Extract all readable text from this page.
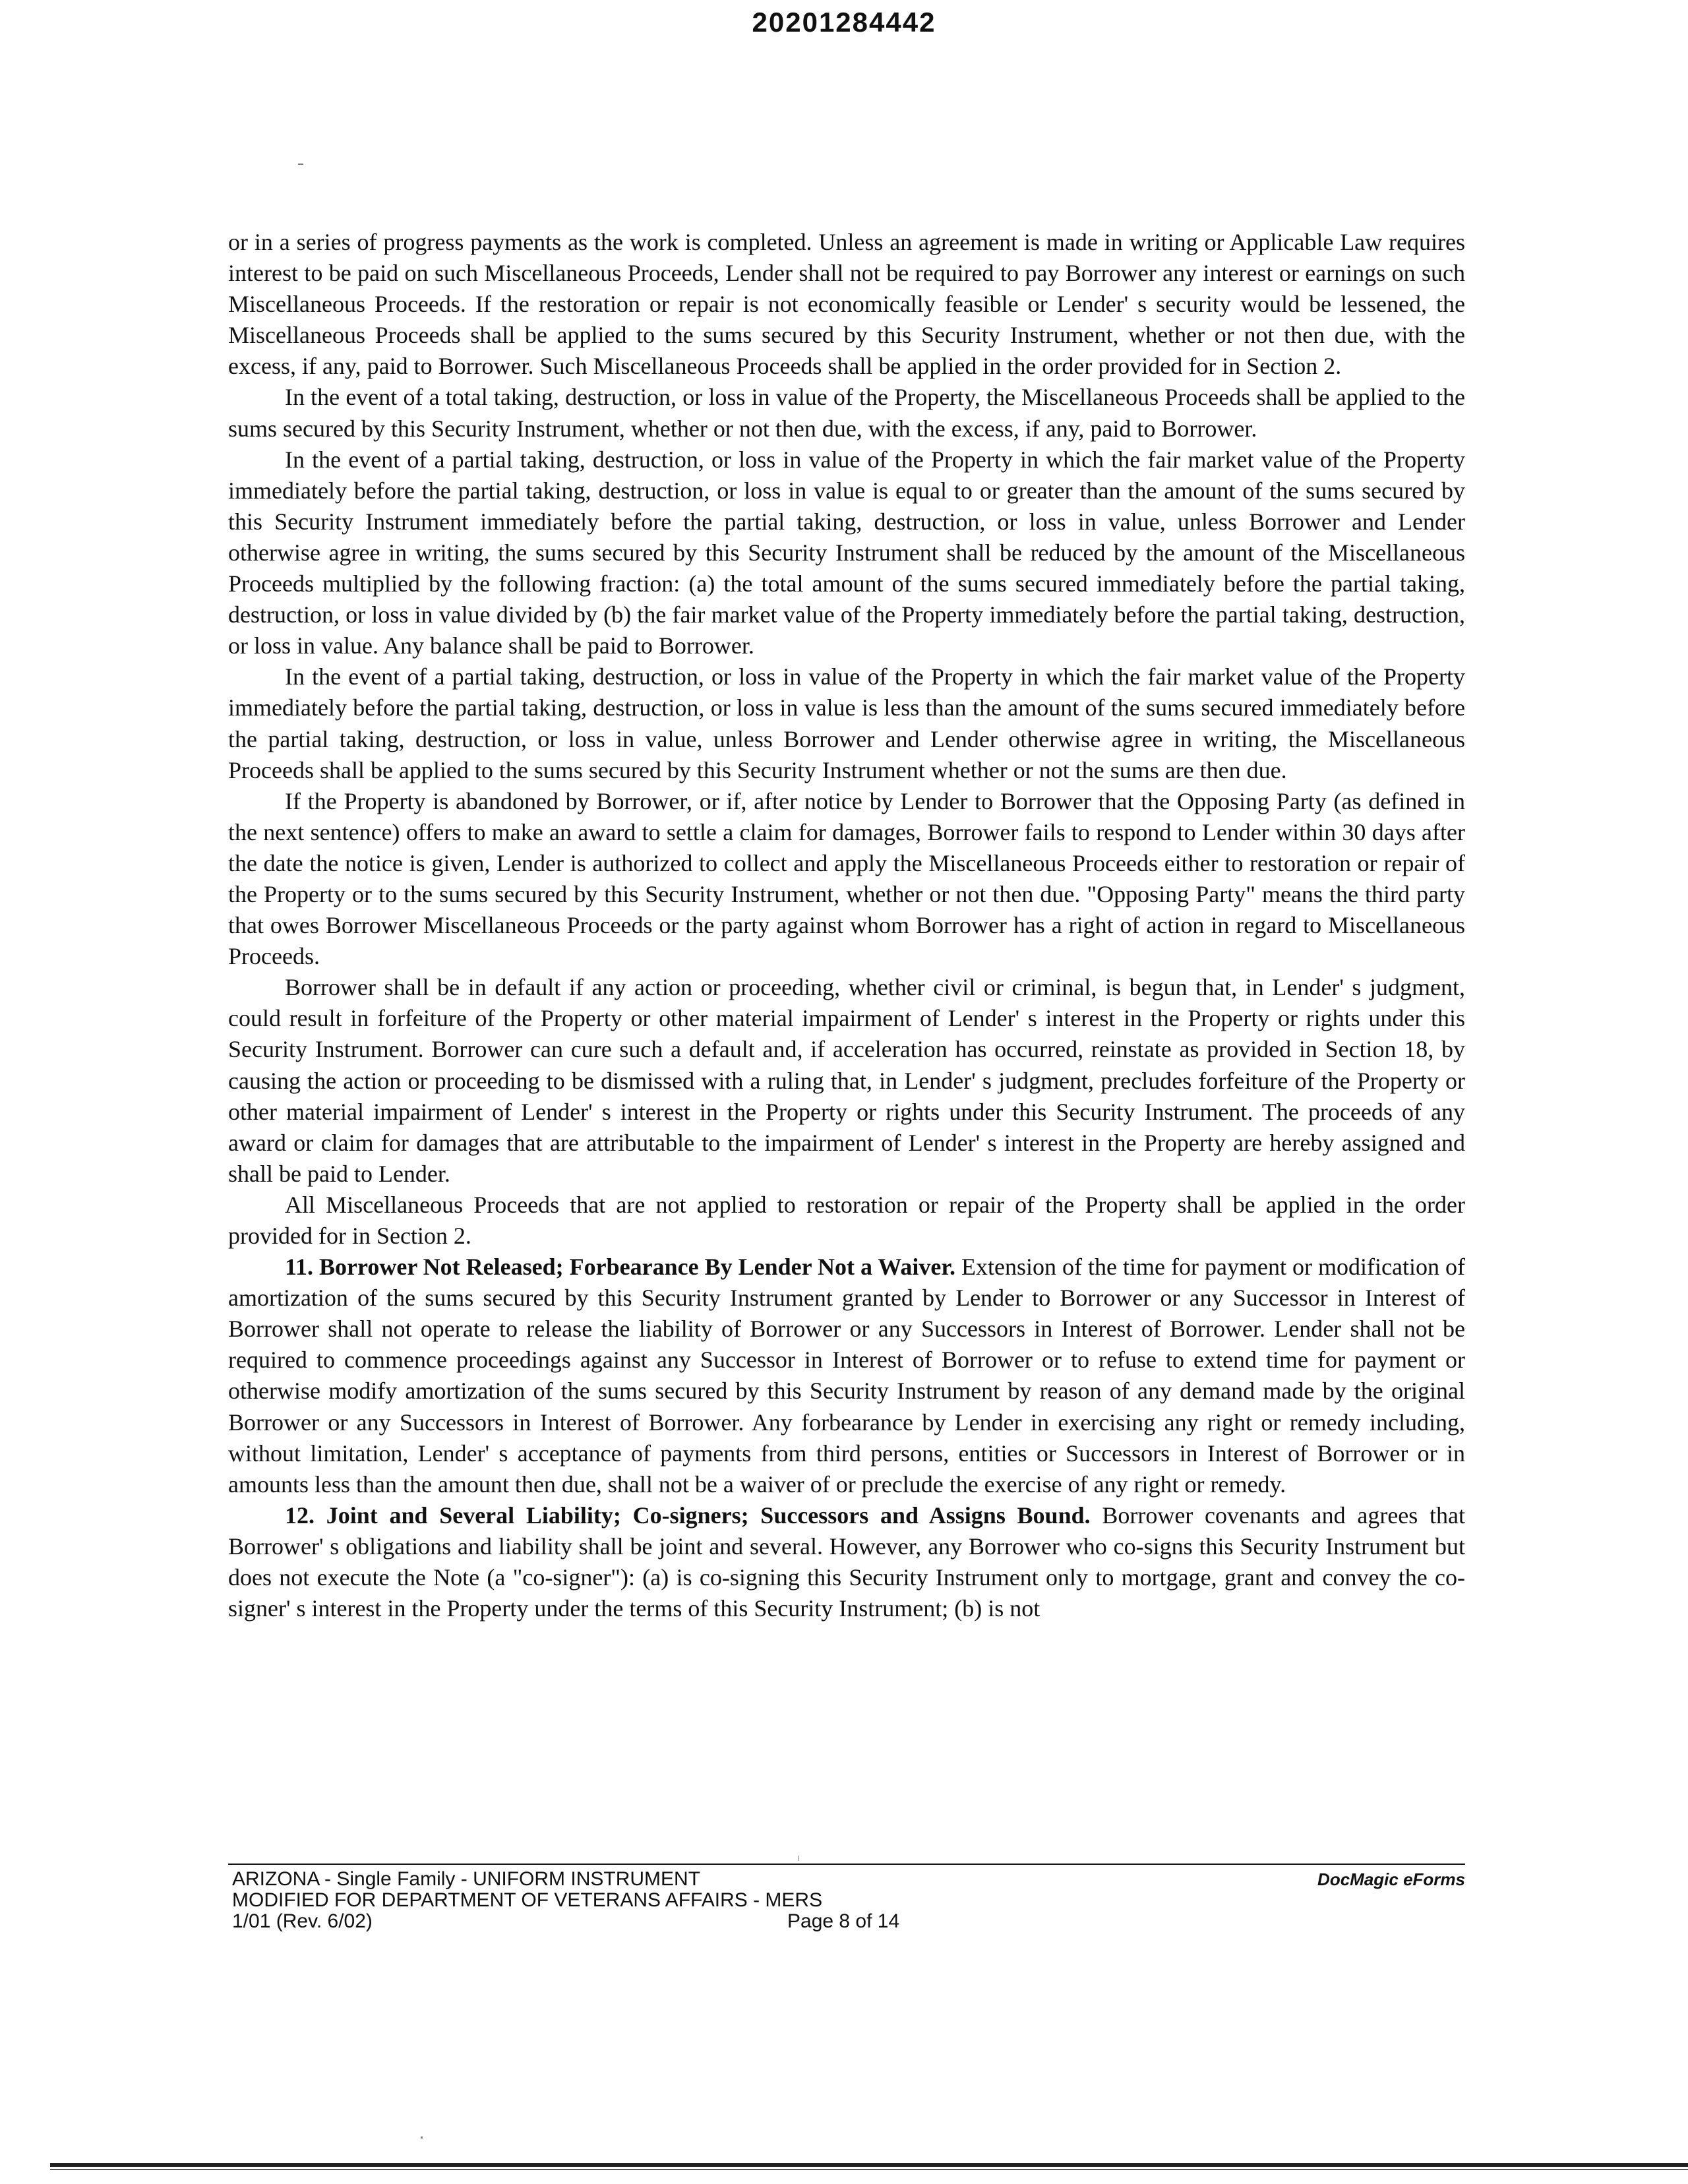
20201284442

or in a series of progress payments as the work is completed. Unless an agreement is made in writing or Applicable Law requires interest to be paid on such Miscellaneous Proceeds, Lender shall not be required to pay Borrower any interest or earnings on such Miscellaneous Proceeds. If the restoration or repair is not economically feasible or Lender' s security would be lessened, the Miscellaneous Proceeds shall be applied to the sums secured by this Security Instrument, whether or not then due, with the excess, if any, paid to Borrower. Such Miscellaneous Proceeds shall be applied in the order provided for in Section 2.

In the event of a total taking, destruction, or loss in value of the Property, the Miscellaneous Proceeds shall be applied to the sums secured by this Security Instrument, whether or not then due, with the excess, if any, paid to Borrower.

In the event of a partial taking, destruction, or loss in value of the Property in which the fair market value of the Property immediately before the partial taking, destruction, or loss in value is equal to or greater than the amount of the sums secured by this Security Instrument immediately before the partial taking, destruction, or loss in value, unless Borrower and Lender otherwise agree in writing, the sums secured by this Security Instrument shall be reduced by the amount of the Miscellaneous Proceeds multiplied by the following fraction: (a) the total amount of the sums secured immediately before the partial taking, destruction, or loss in value divided by (b) the fair market value of the Property immediately before the partial taking, destruction, or loss in value. Any balance shall be paid to Borrower.

In the event of a partial taking, destruction, or loss in value of the Property in which the fair market value of the Property immediately before the partial taking, destruction, or loss in value is less than the amount of the sums secured immediately before the partial taking, destruction, or loss in value, unless Borrower and Lender otherwise agree in writing, the Miscellaneous Proceeds shall be applied to the sums secured by this Security Instrument whether or not the sums are then due.

If the Property is abandoned by Borrower, or if, after notice by Lender to Borrower that the Opposing Party (as defined in the next sentence) offers to make an award to settle a claim for damages, Borrower fails to respond to Lender within 30 days after the date the notice is given, Lender is authorized to collect and apply the Miscellaneous Proceeds either to restoration or repair of the Property or to the sums secured by this Security Instrument, whether or not then due. "Opposing Party" means the third party that owes Borrower Miscellaneous Proceeds or the party against whom Borrower has a right of action in regard to Miscellaneous Proceeds.

Borrower shall be in default if any action or proceeding, whether civil or criminal, is begun that, in Lender' s judgment, could result in forfeiture of the Property or other material impairment of Lender' s interest in the Property or rights under this Security Instrument. Borrower can cure such a default and, if acceleration has occurred, reinstate as provided in Section 18, by causing the action or proceeding to be dismissed with a ruling that, in Lender' s judgment, precludes forfeiture of the Property or other material impairment of Lender' s interest in the Property or rights under this Security Instrument. The proceeds of any award or claim for damages that are attributable to the impairment of Lender' s interest in the Property are hereby assigned and shall be paid to Lender.

All Miscellaneous Proceeds that are not applied to restoration or repair of the Property shall be applied in the order provided for in Section 2.

11. Borrower Not Released; Forbearance By Lender Not a Waiver. Extension of the time for payment or modification of amortization of the sums secured by this Security Instrument granted by Lender to Borrower or any Successor in Interest of Borrower shall not operate to release the liability of Borrower or any Successors in Interest of Borrower. Lender shall not be required to commence proceedings against any Successor in Interest of Borrower or to refuse to extend time for payment or otherwise modify amortization of the sums secured by this Security Instrument by reason of any demand made by the original Borrower or any Successors in Interest of Borrower. Any forbearance by Lender in exercising any right or remedy including, without limitation, Lender' s acceptance of payments from third persons, entities or Successors in Interest of Borrower or in amounts less than the amount then due, shall not be a waiver of or preclude the exercise of any right or remedy.

12. Joint and Several Liability; Co-signers; Successors and Assigns Bound. Borrower covenants and agrees that Borrower' s obligations and liability shall be joint and several. However, any Borrower who co-signs this Security Instrument but does not execute the Note (a "co-signer"): (a) is co-signing this Security Instrument only to mortgage, grant and convey the co-signer' s interest in the Property under the terms of this Security Instrument; (b) is not

ARIZONA - Single Family - UNIFORM INSTRUMENT	DocMagic eForms
MODIFIED FOR DEPARTMENT OF VETERANS AFFAIRS - MERS
1/01 (Rev. 6/02)	Page 8 of 14
